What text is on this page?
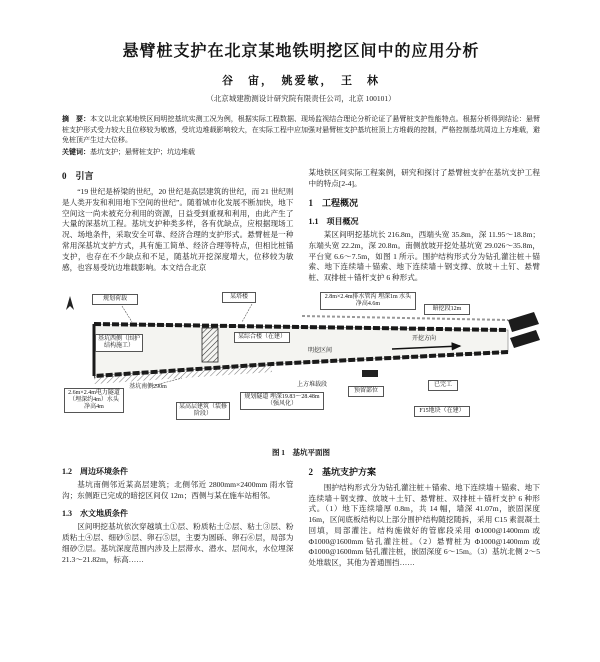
悬臂桩支护在北京某地铁明挖区间中的应用分析
谷　宙，　姚爱敏，　王　林
（北京城建勘测设计研究院有限责任公司，北京 100101）
摘　要：本文以北京某地铁区间明挖基坑实测工况为例，根据实际工程数据、现场监视结合理论分析论证了悬臂桩支护性能特点。根据分析得到结论：悬臂桩支护形式受力较大且位移较为敏感，受坑边堆载影响较大，在实际工程中应加强对悬臂桩支护基坑桩顶上方堆载的控制，严格控制基坑周边上方堆载，避免桩顶产生过大位移。
关键词：基坑支护；悬臂桩支护；坑边堆载
0　引言

“19 世纪是桥梁的世纪，20 世纪是高层建筑的世纪，而 21 世纪则是人类开发和利用地下空间的世纪”。随着城市化发展不断加快，地下空间这一尚未被充分利用的资源，日益受到重视和利用，由此产生了大量的深基坑工程。基坑支护种类多样，各有优缺点，应根据现场工况、场地条件，采取安全可靠、经济合理的支护形式。悬臂桩是一种常用深基坑支护方式，具有施工简单、经济合理等特点，但相比桩锚支护，也存在不少缺点和不足，随基坑开挖深度增大，位移较为敏感，也容易受坑边堆载影响。本文结合北京

某地铁区间实际工程案例，研究和探讨了悬臂桩支护在基坑支护工程中的特点[2-4]。

1　工程概况
1.1　项目概况

某区间明挖基坑长 216.8m，西端头宽 35.8m，深 11.95～18.8m；东端头宽 22.2m，深 20.8m。南侧放坡开挖处基坑宽 29.026～35.8m，平台宽 6.6～7.5m，如图 1 所示。围护结构形式分为钻孔灌注桩＋锚索、地下连续墙＋锚索、地下连续墙＋钢支撑、放坡＋土钉、悬臂桩、双排桩＋锚杆支护 6 种形式。

规划荷载	某塔楼	2.8m×2.4m排水管沟 埋深1m 水头净高4.6m
暗挖段12m
基坑西侧（围护结构施工）
某综合楼（在建）
明挖区间
开挖方向
基坑南侧290m	上方堆载段
2.6m×2.4m电力隧道（埋深约4m）水头净高4m	某高层建筑（装修阶段）
规划隧道 埋深19.83～28.48m（强风化）
预留部位
已完工
F15地块（在建）
图 1　基坑平面图
1.2　周边环境条件

基坑南侧邻近某高层建筑；北侧邻近 2800mm×2400mm 雨水管沟；东侧距已完成的暗挖区间仅 12m；西侧与某在施车站相邻。

1.3　水文地质条件

区间明挖基坑依次穿越填土①层、粉质粘土②层、粘土③层、粉质粘土④层、细砂⑤层、卵石⑤层，主要为圆砾、卵石⑥层，局部为细砂⑦层。基坑深度范围内涉及上层滞水、潜水、层间水，水位埋深 21.3～21.82m，标高……

2　基坑支护方案

围护结构形式分为钻孔灌注桩＋锚索、地下连续墙＋锚索、地下连续墙＋钢支撑、放坡＋土钉、悬臂桩、双排桩＋锚杆支护 6 种形式。（1）地下连续墙厚 0.8m，共 14 幅，墙深 41.07m，嵌固深度 16m，区间底板结构以上部分围护结构随挖随拆，采用 C15 素混凝土回填，局部灌注。结构施做好的管廊段采用 Φ1000@1400mm 或 Φ1000@1600mm 钻孔灌注桩。（2）悬臂桩为 Φ1000@1400mm 或 Φ1000@1600mm 钻孔灌注桩，嵌固深度 6～15m。（3）基坑北侧 2～5 处堆载区，其他为普通围挡……
